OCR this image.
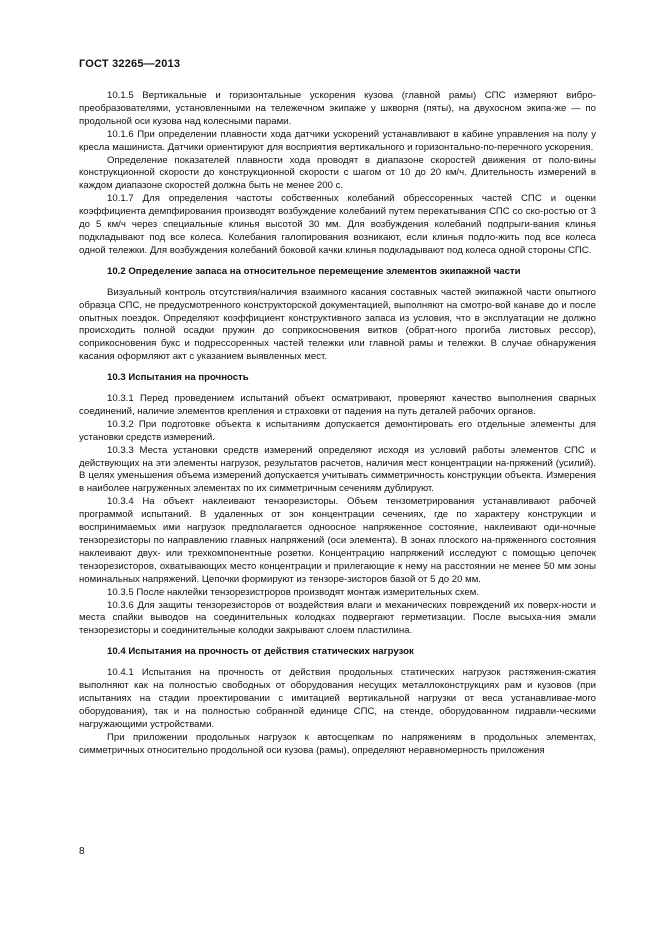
ГОСТ 32265—2013

10.1.5 Вертикальные и горизонтальные ускорения кузова (главной рамы) СПС измеряют вибро-преобразователями, установленными на тележечном экипаже у шкворня (пяты), на двухосном экипа-же — по продольной оси кузова над колесными парами.

10.1.6 При определении плавности хода датчики ускорений устанавливают в кабине управления на полу у кресла машиниста. Датчики ориентируют для восприятия вертикального и горизонтально-по-перечного ускорения.

Определение показателей плавности хода проводят в диапазоне скоростей движения от поло-вины конструкционной скорости до конструкционной скорости с шагом от 10 до 20 км/ч. Длительность измерений в каждом диапазоне скоростей должна быть не менее 200 с.

10.1.7 Для определения частоты собственных колебаний обрессоренных частей СПС и оценки коэффициента демпфирования производят возбуждение колебаний путем перекатывания СПС со ско-ростью от 3 до 5 км/ч через специальные клинья высотой 30 мм. Для возбуждения колебаний подпрыги-вания клинья подкладывают под все колеса. Колебания галопирования возникают, если клинья подло-жить под все колеса одной тележки. Для возбуждения колебаний боковой качки клинья подкладывают под колеса одной стороны СПС.

10.2 Определение запаса на относительное перемещение элементов экипажной части

Визуальный контроль отсутствия/наличия взаимного касания составных частей экипажной части опытного образца СПС, не предусмотренного конструкторской документацией, выполняют на смотро-вой канаве до и после опытных поездок. Определяют коэффициент конструктивного запаса из условия, что в эксплуатации не должно происходить полной осадки пружин до соприкосновения витков (обрат-ного прогиба листовых рессор), соприкосновения букс и подрессоренных частей тележки или главной рамы и тележки. В случае обнаружения касания оформляют акт с указанием выявленных мест.

10.3 Испытания на прочность

10.3.1 Перед проведением испытаний объект осматривают, проверяют качество выполнения сварных соединений, наличие элементов крепления и страховки от падения на путь деталей рабочих органов.

10.3.2 При подготовке объекта к испытаниям допускается демонтировать его отдельные элементы для установки средств измерений.

10.3.3 Места установки средств измерений определяют исходя из условий работы элементов СПС и действующих на эти элементы нагрузок, результатов расчетов, наличия мест концентрации на-пряжений (усилий). В целях уменьшения объема измерений допускается учитывать симметричность конструкции объекта. Измерения в наиболее нагруженных элементах по их симметричным сечениям дублируют.

10.3.4 На объект наклеивают тензорезисторы. Объем тензометрирования устанавливают рабочей программой испытаний. В удаленных от зон концентрации сечениях, где по характеру конструкции и воспринимаемых ими нагрузок предполагается одноосное напряженное состояние, наклеивают оди-ночные тензорезисторы по направлению главных напряжений (оси элемента). В зонах плоского на-пряженного состояния наклеивают двух- или трехкомпонентные розетки. Концентрацию напряжений исследуют с помощью цепочек тензорезисторов, охватывающих место концентрации и прилегающие к нему на расстоянии не менее 50 мм зоны номинальных напряжений. Цепочки формируют из тензоре-зисторов базой от 5 до 20 мм.

10.3.5 После наклейки тензорезистроров производят монтаж измерительных схем.

10.3.6 Для защиты тензорезисторов от воздействия влаги и механических повреждений их поверх-ности и места спайки выводов на соединительных колодках подвергают герметизации. После высыха-ния эмали тензорезисторы и соединительные колодки закрывают слоем пластилина.

10.4 Испытания на прочность от действия статических нагрузок

10.4.1 Испытания на прочность от действия продольных статических нагрузок растяжения-сжатия выполняют как на полностью свободных от оборудования несущих металлоконструкциях рам и кузовов (при испытаниях на стадии проектировании с имитацией вертикальной нагрузки от веса устанавливае-мого оборудования), так и на полностью собранной единице СПС, на стенде, оборудованном гидравли-ческими нагружающими устройствами.

При приложении продольных нагрузок к автосцепкам по напряжениям в продольных элементах, симметричных относительно продольной оси кузова (рамы), определяют неравномерность приложения

8
